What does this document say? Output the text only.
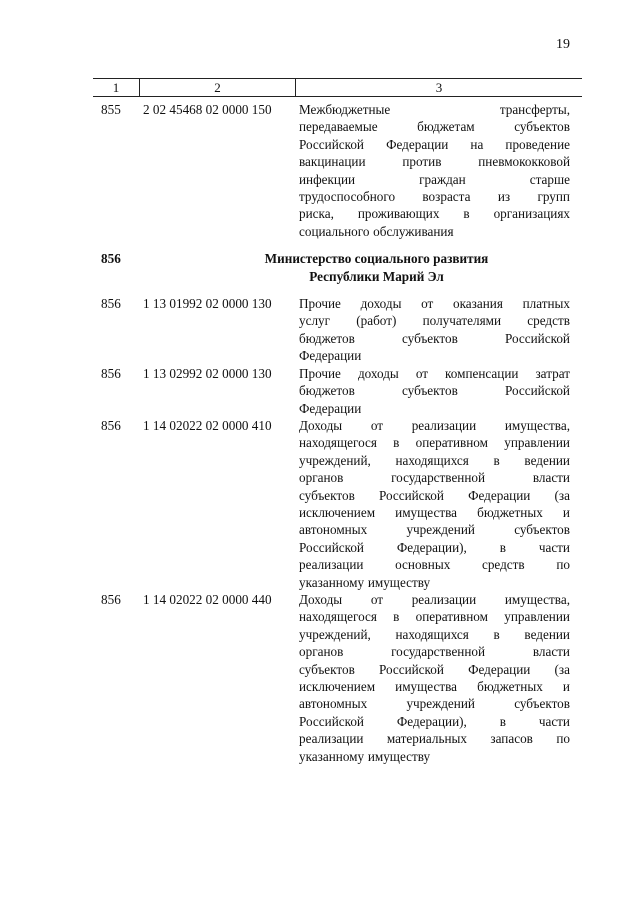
19
1	2	3
855	2 02 45468 02 0000 150	Межбюджетные	трансферты,
передаваемые	бюджетам	субъектов
Российской Федерации на проведение
вакцинации	против	пневмококковой
инфекции	граждан	старше
трудоспособного возраста из групп
риска, проживающих в организациях
социального обслуживания
856	Министерство социального развития
Республики Марий Эл
856	1 13 01992 02 0000 130	Прочие доходы от оказания платных
услуг (работ) получателями средств
бюджетов	субъектов	Российской
Федерации
856	1 13 02992 02 0000 130	Прочие доходы от компенсации затрат
бюджетов	субъектов	Российской
Федерации
856	1 14 02022 02 0000 410	Доходы от реализации имущества,
находящегося в оперативном управлении
учреждений, находящихся в ведении
органов	государственной	власти
субъектов Российской Федерации (за
исключением имущества бюджетных и
автономных	учреждений	субъектов
Российской Федерации), в части
реализации основных средств по
указанному имуществу
856	1 14 02022 02 0000 440	Доходы от реализации имущества,
находящегося в оперативном управлении
учреждений, находящихся в ведении
органов	государственной	власти
субъектов Российской Федерации (за
исключением имущества бюджетных и
автономных	учреждений	субъектов
Российской Федерации), в части
реализации материальных запасов по
указанному имуществу
